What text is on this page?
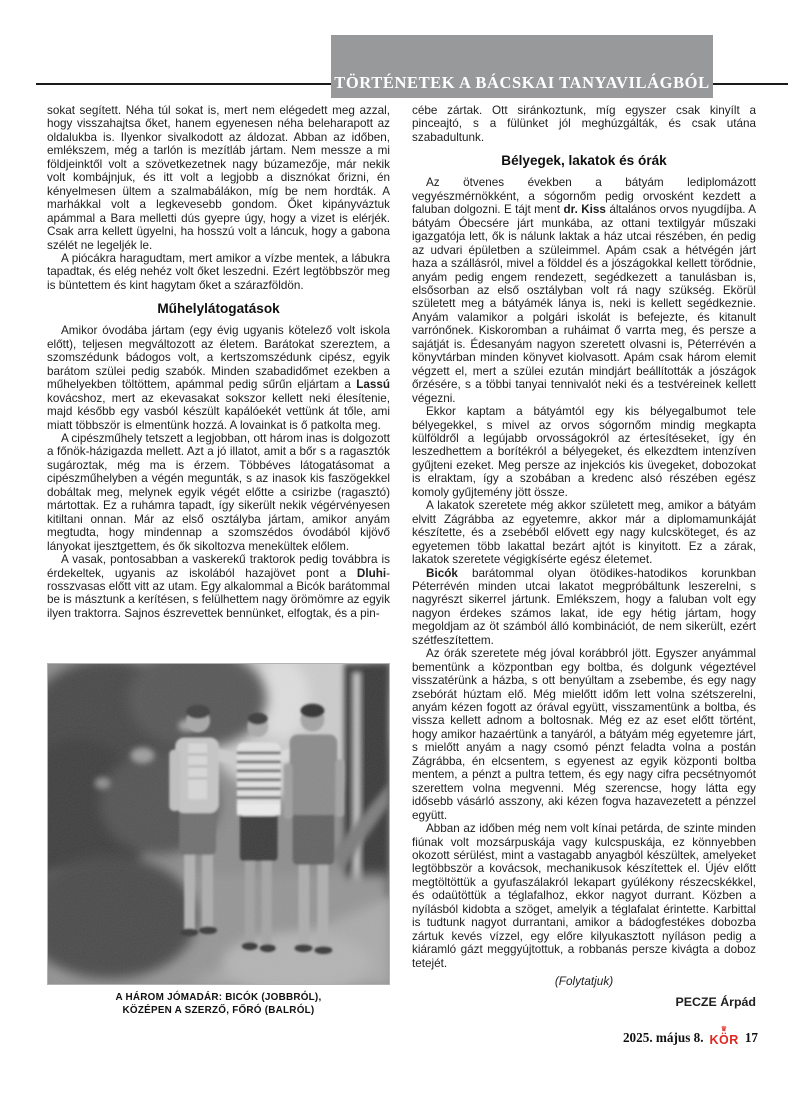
TÖRTÉNETEK A BÁCSKAI TANYAVILÁGBÓL

sokat segített. Néha túl sokat is, mert nem elégedett meg azzal, hogy visszahajtsa őket, hanem egyenesen néha beleharapott az oldalukba is. Ilyenkor sivalkodott az áldozat. Abban az időben, emlékszem, még a tarlón is mezítláb jártam. Nem messze a mi földjeinktől volt a szövetkezetnek nagy búzamezője, már nekik volt kombájnjuk, és itt volt a legjobb a disznókat őrizni, én kényelmesen ültem a szalmabálákon, míg be nem hordták. A marhákkal volt a legkevesebb gondom. Őket kipányváztuk apámmal a Bara melletti dús gyepre úgy, hogy a vizet is elérjék. Csak arra kellett ügyelni, ha hosszú volt a láncuk, hogy a gabona szélét ne legeljék le.

A piócákra haragudtam, mert amikor a vízbe mentek, a lábukra tapadtak, és elég nehéz volt őket leszedni. Ezért legtöbbször meg is büntettem és kint hagytam őket a szárazföldön.

Műhelylátogatások

Amikor óvodába jártam (egy évig ugyanis kötelező volt iskola előtt), teljesen megváltozott az életem. Barátokat szereztem, a szomszédunk bádogos volt, a kertszomszédunk cipész, egyik barátom szülei pedig szabók. Minden szabadidőmet ezekben a műhelyekben töltöttem, apámmal pedig sűrűn eljártam a Lassú kovácshoz, mert az ekevasakat sokszor kellett neki élesítenie, majd később egy vasból készült kapálóekét vettünk át tőle, ami miatt többször is elmentünk hozzá. A lovainkat is ő patkolta meg.

A cipészműhely tetszett a legjobban, ott három inas is dolgozott a főnök-házigazda mellett. Azt a jó illatot, amit a bőr s a ragasztók sugároztak, még ma is érzem. Többéves látogatásomat a cipészműhelyben a végén megunták, s az inasok kis faszögekkel dobáltak meg, melynek egyik végét előtte a csirizbe (ragasztó) mártottak. Ez a ruhámra tapadt, így sikerült nekik végérvényesen kitiltani onnan. Már az első osztályba jártam, amikor anyám megtudta, hogy mindennap a szomszédos óvodából kijövő lányokat ijesztgettem, és ők sikoltozva menekültek előlem.

A vasak, pontosabban a vaskerekű traktorok pedig továbbra is érdekeltek, ugyanis az iskolából hazajövet pont a Dluhi-rosszvasas előtt vitt az utam. Egy alkalommal a Bicók barátommal be is másztunk a kerítésen, s felülhettem nagy örömömre az egyik ilyen traktorra. Sajnos észrevettek bennünket, elfogtak, és a pin-

cébe zártak. Ott siránkoztunk, míg egyszer csak kinyílt a pinceajtó, s a fülünket jól meghúzgálták, és csak utána szabadultunk.

Bélyegek, lakatok és órák

Az ötvenes években a bátyám lediplomázott vegyészmérnökként, a sógornőm pedig orvosként kezdett a faluban dolgozni. E tájt ment dr. Kiss általános orvos nyugdíjba. A bátyám Óbecsére járt munkába, az ottani textilgyár műszaki igazgatója lett, ők is nálunk laktak a ház utcai részében, én pedig az udvari épületben a szüleimmel. Apám csak a hétvégén járt haza a szállásról, mivel a földdel és a jószágokkal kellett törődnie, anyám pedig engem rendezett, segédkezett a tanulásban is, elsősorban az első osztályban volt rá nagy szükség. Ekörül született meg a bátyámék lánya is, neki is kellett segédkeznie. Anyám valamikor a polgári iskolát is befejezte, és kitanult varrónőnek. Kiskoromban a ruháimat ő varrta meg, és persze a sajátját is. Édesanyám nagyon szeretett olvasni is, Péterrévén a könyvtárban minden könyvet kiolvasott. Apám csak három elemit végzett el, mert a szülei ezután mindjárt beállították a jószágok őrzésére, s a többi tanyai tennivalót neki és a testvéreinek kellett végezni.

Ekkor kaptam a bátyámtól egy kis bélyegalbumot tele bélyegekkel, s mivel az orvos sógornőm mindig megkapta külföldről a legújabb orvosságokról az értesítéseket, így én leszedhettem a borítékról a bélyegeket, és elkezdtem intenzíven gyűjteni ezeket. Meg persze az injekciós kis üvegeket, dobozokat is elraktam, így a szobában a kredenc alsó részében egész komoly gyűjtemény jött össze.

A lakatok szeretete még akkor született meg, amikor a bátyám elvitt Zágrábba az egyetemre, akkor már a diplomamunkáját készítette, és a zsebéből elővett egy nagy kulcsköteget, és az egyetemen több lakattal bezárt ajtót is kinyitott. Ez a zárak, lakatok szeretete végigkísérte egész életemet.

Bicók barátommal olyan ötödikes-hatodikos korunkban Péterrévén minden utcai lakatot megpróbáltunk leszerelni, s nagyrészt sikerrel jártunk. Emlékszem, hogy a faluban volt egy nagyon érdekes számos lakat, ide egy hétig jártam, hogy megoldjam az öt számból álló kombinációt, de nem sikerült, ezért szétfeszítettem.

Az órák szeretete még jóval korábbról jött. Egyszer anyámmal bementünk a központban egy boltba, és dolgunk végeztével visszatérünk a házba, s ott benyúltam a zsebembe, és egy nagy zsebórát húztam elő. Még mielőtt időm lett volna szétszerelni, anyám kézen fogott az órával együtt, visszamentünk a boltba, és vissza kellett adnom a boltosnak. Még ez az eset előtt történt, hogy amikor hazaértünk a tanyáról, a bátyám még egyetemre járt, s mielőtt anyám a nagy csomó pénzt feladta volna a postán Zágrábba, én elcsentem, s egyenest az egyik központi boltba mentem, a pénzt a pultra tettem, és egy nagy cifra pecsétnyomót szerettem volna megvenni. Még szerencse, hogy látta egy idősebb vásárló asszony, aki kézen fogva hazavezetett a pénzzel együtt.

Abban az időben még nem volt kínai petárda, de szinte minden fiúnak volt mozsárpuskája vagy kulcspuskája, ez könnyebben okozott sérülést, mint a vastagabb anyagból készültek, amelyeket legtöbbször a kovácsok, mechanikusok készítettek el. Újév előtt megtöltöttük a gyufaszálakról lekapart gyúlékony részecskékkel, és odaütöttük a téglafalhoz, ekkor nagyot durrant. Közben a nyílásból kidobta a szöget, amelyik a téglafalat érintette. Karbittal is tudtunk nagyot durrantani, amikor a bádogfestékes dobozba zártuk kevés vízzel, egy előre kilyukasztott nyíláson pedig a kiáramló gázt meggyújtottuk, a robbanás persze kivágta a doboz tetejét.

(Folytatjuk)
PECZE Árpád
A HÁROM JÓMADÁR: BICÓK (JOBBRÓL),
KÖZÉPEN A SZERZŐ, FŐRÓ (BALRÓL)
2025. május 8.
♛
KÖR 17
